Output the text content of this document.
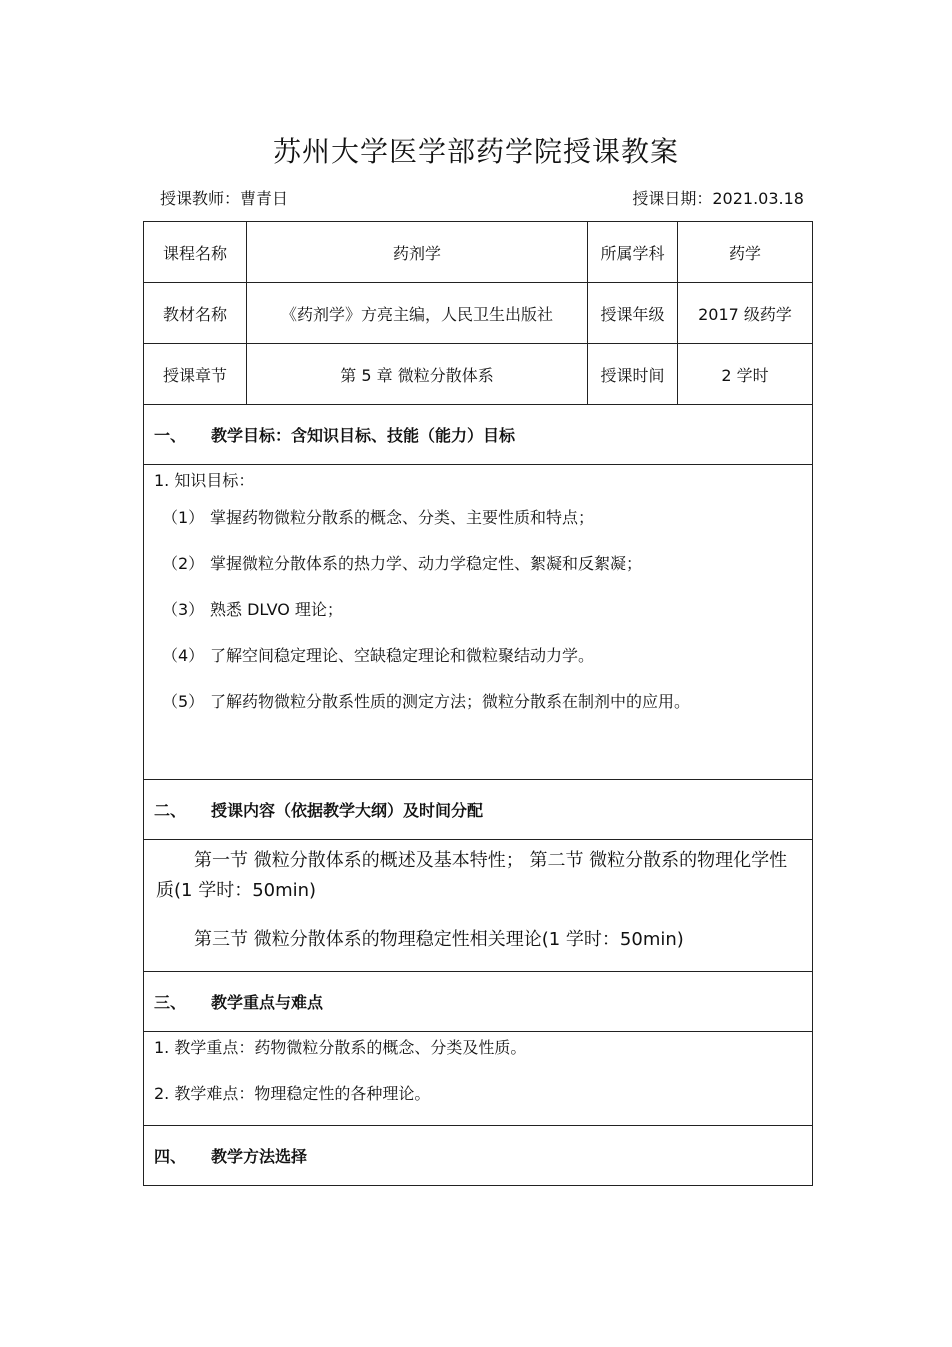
苏州大学医学部药学院授课教案
授课教师：曹青日	授课日期：2021.03.18
课程名称	药剂学	所属学科	药学
教材名称	《药剂学》方亮主编，人民卫生出版社	授课年级	2017 级药学
授课章节	第 5 章 微粒分散体系	授课时间	2 学时
一、	教学目标：含知识目标、技能（能力）目标
1. 知识目标：
（1） 掌握药物微粒分散系的概念、分类、主要性质和特点；
（2） 掌握微粒分散体系的热力学、动力学稳定性、絮凝和反絮凝；
（3） 熟悉 DLVO 理论；
（4） 了解空间稳定理论、空缺稳定理论和微粒聚结动力学。
（5） 了解药物微粒分散系性质的测定方法；微粒分散系在制剂中的应用。
二、	授课内容（依据教学大纲）及时间分配

第一节 微粒分散体系的概述及基本特性； 第二节 微粒分散系的物理化学性质(1 学时：50min)

第三节 微粒分散体系的物理稳定性相关理论(1 学时：50min)

三、	教学重点与难点
1. 教学重点：药物微粒分散系的概念、分类及性质。
2. 教学难点：物理稳定性的各种理论。
四、	教学方法选择
